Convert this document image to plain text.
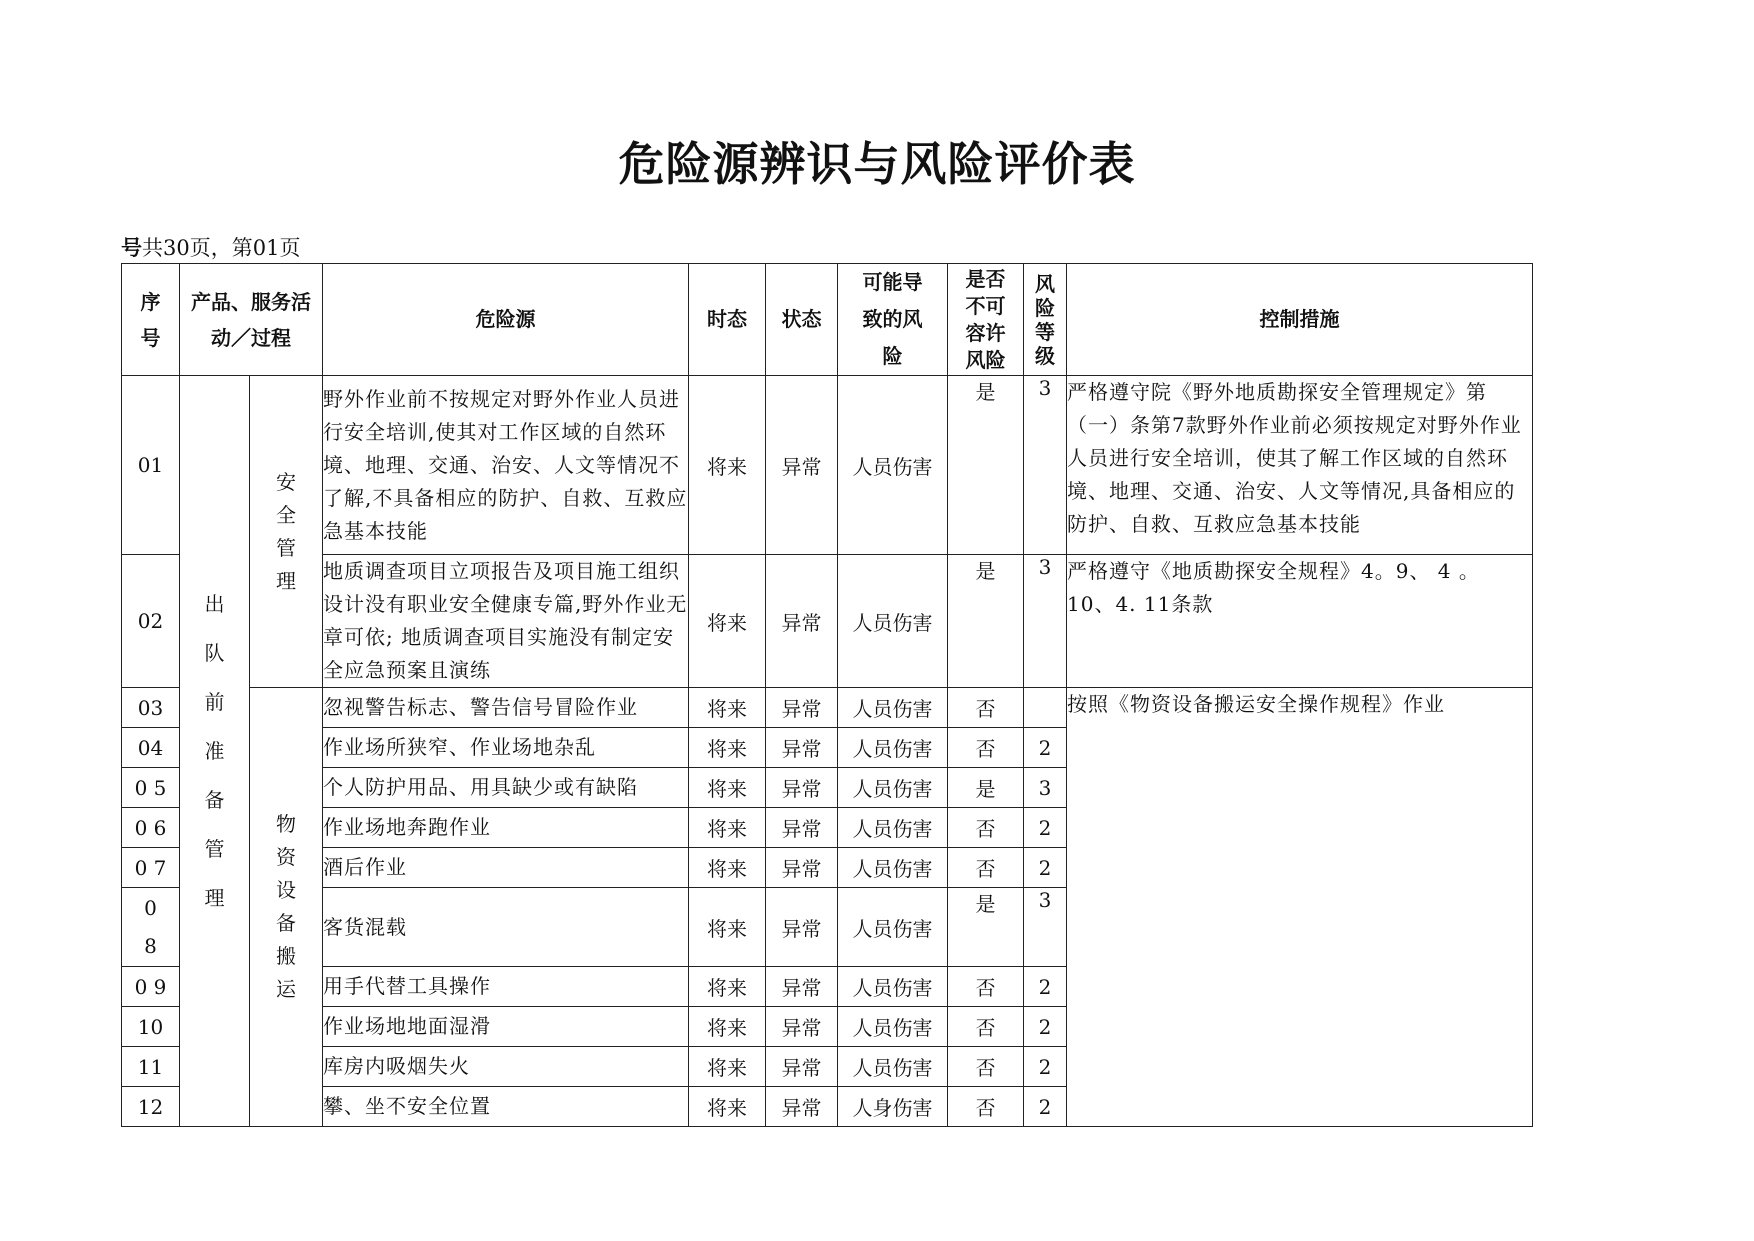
危险源辨识与风险评价表
号共30页，第01页
序号	产品、服务活动／过程		危险源	时态	状态	可能导致的风险	是否不可容许风险	风险等级	控制措施
01	出队前准备管理	安全管理	野外作业前不按规定对野外作业人员进行安全培训,使其对工作区域的自然环境、地理、交通、治安、人文等情况不了解,不具备相应的防护、自救、互救应急基本技能	将来	异常	人员伤害	是	3	严格遵守院《野外地质勘探安全管理规定》第（一）条第7款野外作业前必须按规定对野外作业人员进行安全培训，使其了解工作区域的自然环境、地理、交通、治安、人文等情况,具备相应的防护、自救、互救应急基本技能
02			地质调查项目立项报告及项目施工组织设计没有职业安全健康专篇,野外作业无章可依; 地质调查项目实施没有制定安全应急预案且演练	将来	异常	人员伤害	是	3	严格遵守《地质勘探安全规程》4。9、 4 。 10、4. 11条款
03		物资设备搬运	忽视警告标志、警告信号冒险作业	将来	异常	人员伤害	否		按照《物资设备搬运安全操作规程》作业
04			作业场所狭窄、作业场地杂乱	将来	异常	人员伤害	否	2	
0 5			个人防护用品、用具缺少或有缺陷	将来	异常	人员伤害	是	3	
0 6			作业场地奔跑作业	将来	异常	人员伤害	否	2	
0 7			酒后作业	将来	异常	人员伤害	否	2	
08			客货混载	将来	异常	人员伤害	是	3	
0 9			用手代替工具操作	将来	异常	人员伤害	否	2	
10			作业场地地面湿滑	将来	异常	人员伤害	否	2	
11			库房内吸烟失火	将来	异常	人员伤害	否	2	
12			攀、坐不安全位置	将来	异常	人身伤害	否	2	
